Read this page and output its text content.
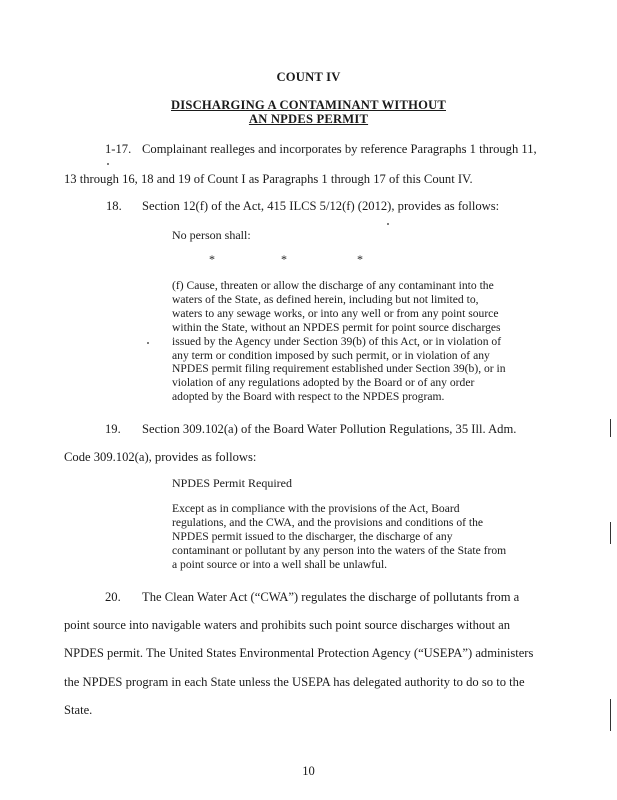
COUNT IV
DISCHARGING A CONTAMINANT WITHOUT
AN NPDES PERMIT
1-17. Complainant realleges and incorporates by reference Paragraphs 1 through 11,
13 through 16, 18 and 19 of Count I as Paragraphs 1 through 17 of this Count IV.
18. Section 12(f) of the Act, 415 ILCS 5/12(f) (2012), provides as follows:
No person shall:
*	*	*
(f) Cause, threaten or allow the discharge of any contaminant into the
waters of the State, as defined herein, including but not limited to,
waters to any sewage works, or into any well or from any point source
within the State, without an NPDES permit for point source discharges
issued by the Agency under Section 39(b) of this Act, or in violation of
any term or condition imposed by such permit, or in violation of any
NPDES permit filing requirement established under Section 39(b), or in
violation of any regulations adopted by the Board or of any order
adopted by the Board with respect to the NPDES program.
19. Section 309.102(a) of the Board Water Pollution Regulations, 35 Ill. Adm.
Code 309.102(a), provides as follows:
NPDES Permit Required
Except as in compliance with the provisions of the Act, Board
regulations, and the CWA, and the provisions and conditions of the
NPDES permit issued to the discharger, the discharge of any
contaminant or pollutant by any person into the waters of the State from
a point source or into a well shall be unlawful.
20. The Clean Water Act (“CWA”) regulates the discharge of pollutants from a
point source into navigable waters and prohibits such point source discharges without an
NPDES permit. The United States Environmental Protection Agency (“USEPA”) administers
the NPDES program in each State unless the USEPA has delegated authority to do so to the
State.
10
